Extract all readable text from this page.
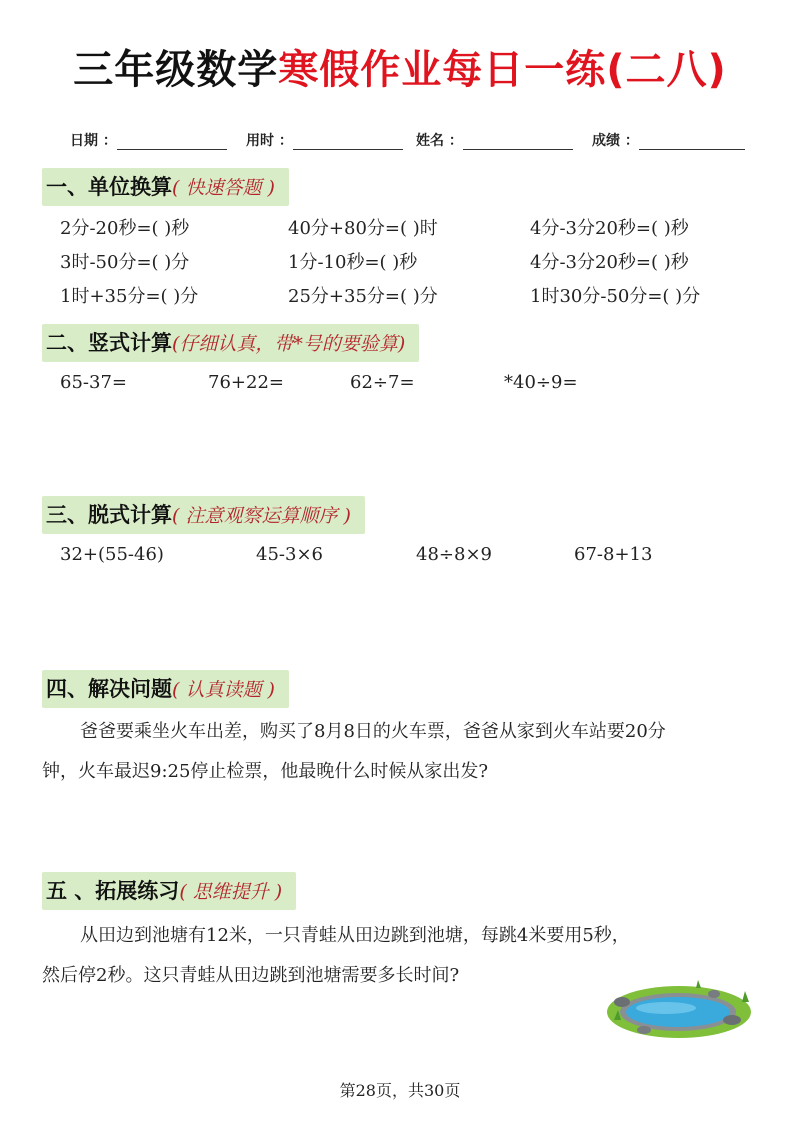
三年级数学寒假作业每日一练(二八)
日期 ：	用时 ：	姓名 ：	成绩 ：
一、单位换算( 快速答题 )
2分-20秒=( )秒	40分+80分=( )时	4分-3分20秒=( )秒
3时-50分=( )分	1分-10秒=( )秒	4分-3分20秒=( )秒
1时+35分=( )分	25分+35分=( )分	1时30分-50分=( )分
二、竖式计算(仔细认真，带*号的要验算)
65-37=	76+22=	62÷7=	*40÷9=
三、脱式计算( 注意观察运算顺序 )
32+(55-46)	45-3×6	48÷8×9	67-8+13
四、解决问题( 认真读题 )
爸爸要乘坐火车出差，购买了8月8日的火车票，爸爸从家到火车站要20分
钟，火车最迟9:25停止检票，他最晚什么时候从家出发?
五 、拓展练习( 思维提升 )
从田边到池塘有12米，一只青蛙从田边跳到池塘，每跳4米要用5秒，
然后停2秒。这只青蛙从田边跳到池塘需要多长时间?
第28页，共30页
